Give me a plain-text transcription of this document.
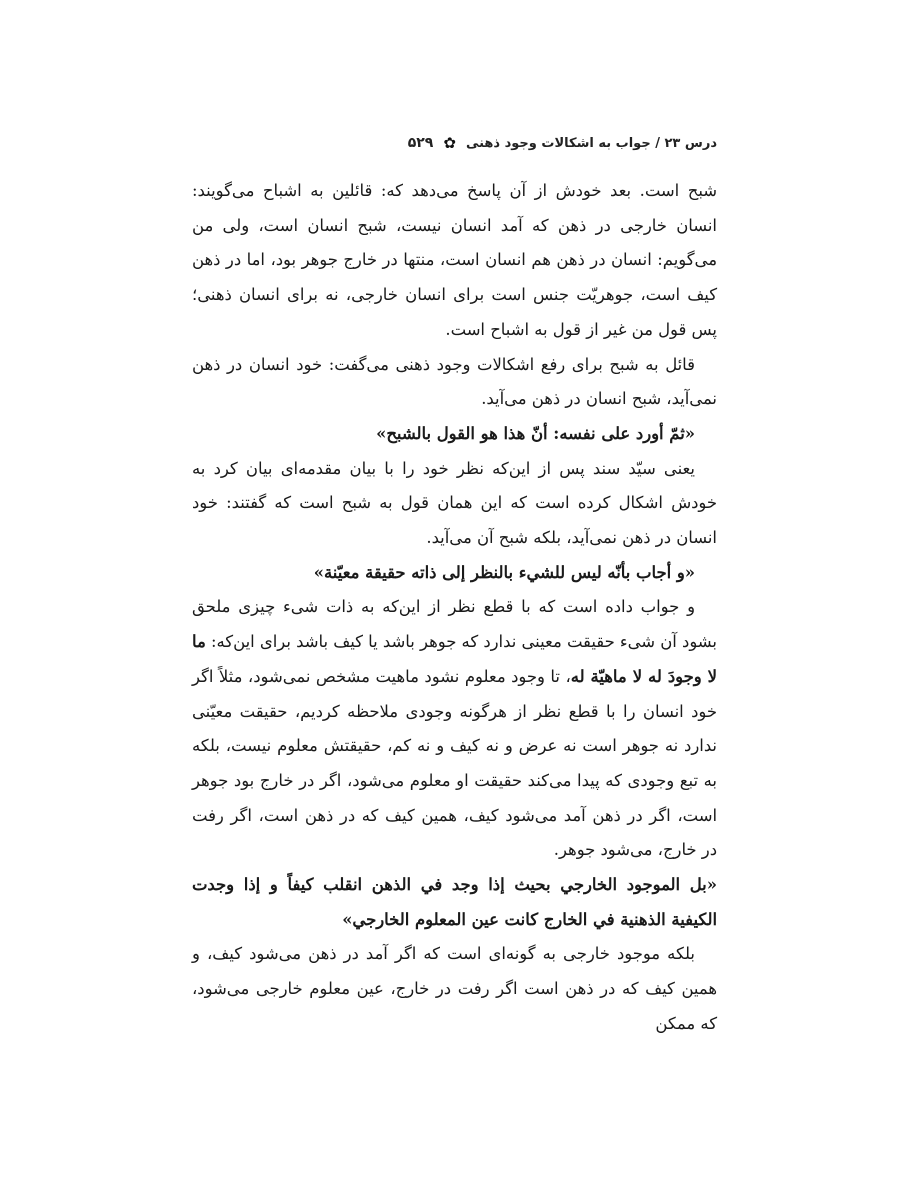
درس ۲۳ / جواب به اشکالات وجود ذهنی
✿
۵۲۹

شبح است. بعد خودش از آن پاسخ می‌دهد که: قائلین به اشباح می‌گویند: انسان خارجی در ذهن که آمد انسان نیست، شبح انسان است، ولی من می‌گویم: انسان در ذهن هم انسان است، منتها در خارج جوهر بود، اما در ذهن کیف است، جوهریّت جنس است برای انسان خارجی، نه برای انسان ذهنی؛ پس قول من غیر از قول به اشباح است.

قائل به شبح برای رفع اشکالات وجود ذهنی می‌گفت: خود انسان در ذهن نمی‌آید، شبح انسان در ذهن می‌آید.

«ثمّ أورد على نفسه: أنّ هذا هو القول بالشبح»

یعنی سیّد سند پس از این‌که نظر خود را با بیان مقدمه‌ای بیان کرد به خودش اشکال کرده است که این همان قول به شبح است که گفتند: خود انسان در ذهن نمی‌آید، بلکه شبح آن می‌آید.

«و أجاب بأنّه ليس للشيء بالنظر إلى ذاته حقيقة معيّنة»

و جواب داده است که با قطع نظر از این‌که به ذات شیء چیزی ملحق بشود آن شیء حقیقت معینی ندارد که جوهر باشد یا کیف باشد برای این‌که: ما لا وجودَ له لا ماهيّة له، تا وجود معلوم نشود ماهیت مشخص نمی‌شود، مثلاً اگر خود انسان را با قطع نظر از هرگونه وجودی ملاحظه کردیم، حقیقت معیّنی ندارد نه جوهر است نه عرض و نه کیف و نه کم، حقیقتش معلوم نیست، بلکه به تبع وجودی که پیدا می‌کند حقیقت او معلوم می‌شود، اگر در خارج بود جوهر است، اگر در ذهن آمد می‌شود کیف، همین کیف که در ذهن است، اگر رفت در خارج، می‌شود جوهر.

«بل الموجود الخارجي بحيث إذا وجد في الذهن انقلب كيفاً و إذا وجدت الكيفية الذهنية في الخارج كانت عين المعلوم الخارجي»

بلکه موجود خارجی به گونه‌ای است که اگر آمد در ذهن می‌شود کیف، و همین کیف که در ذهن است اگر رفت در خارج، عین معلوم خارجی می‌شود، که ممکن
